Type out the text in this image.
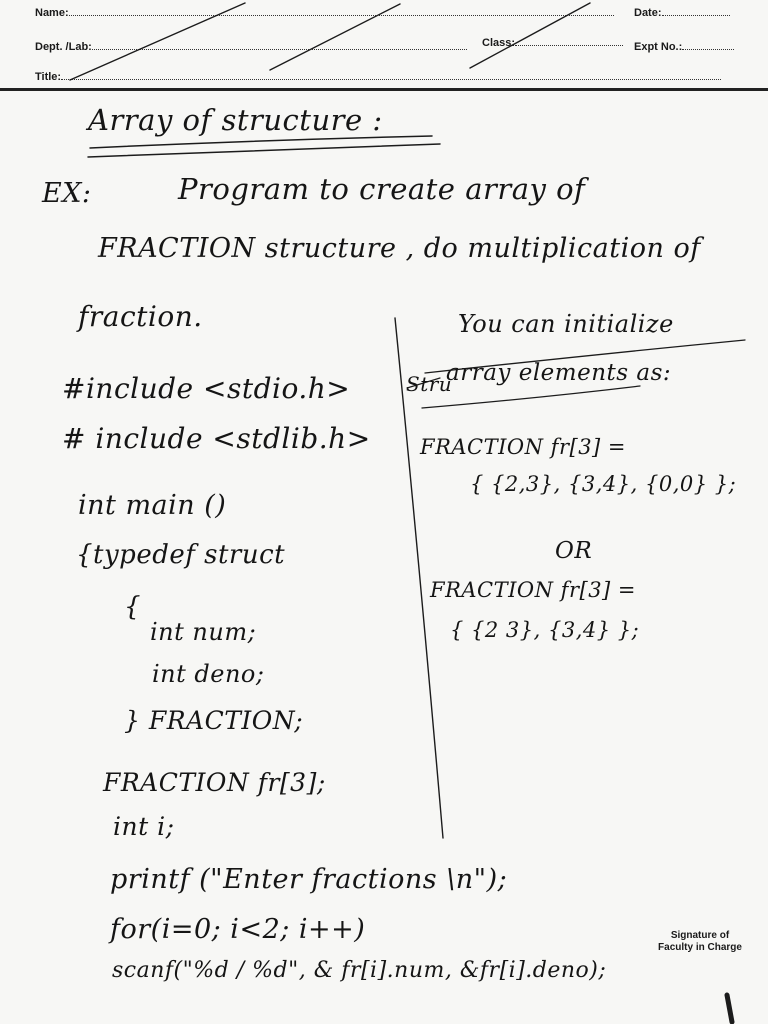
Name:	Date:
Dept. /Lab:	Class:	Expt No.:
Title:
Array of structure :
EX:	Program to create array of
FRACTION structure , do multiplication of
fraction.
#include <stdio.h>
# include <stdlib.h>
int main ()
{typedef struct
{
int num;
int deno;
} FRACTION;
FRACTION fr[3];
int i;
printf ("Enter fractions \n");
for(i=0; i<2; i++)
scanf("%d / %d", & fr[i].num, &fr[i].deno);
You can initialize
Stru
array elements as:
FRACTION fr[3] =
{ {2,3}, {3,4}, {0,0} };
OR
FRACTION fr[3] =
{ {2 3}, {3,4} };
Signature of
Faculty in Charge
